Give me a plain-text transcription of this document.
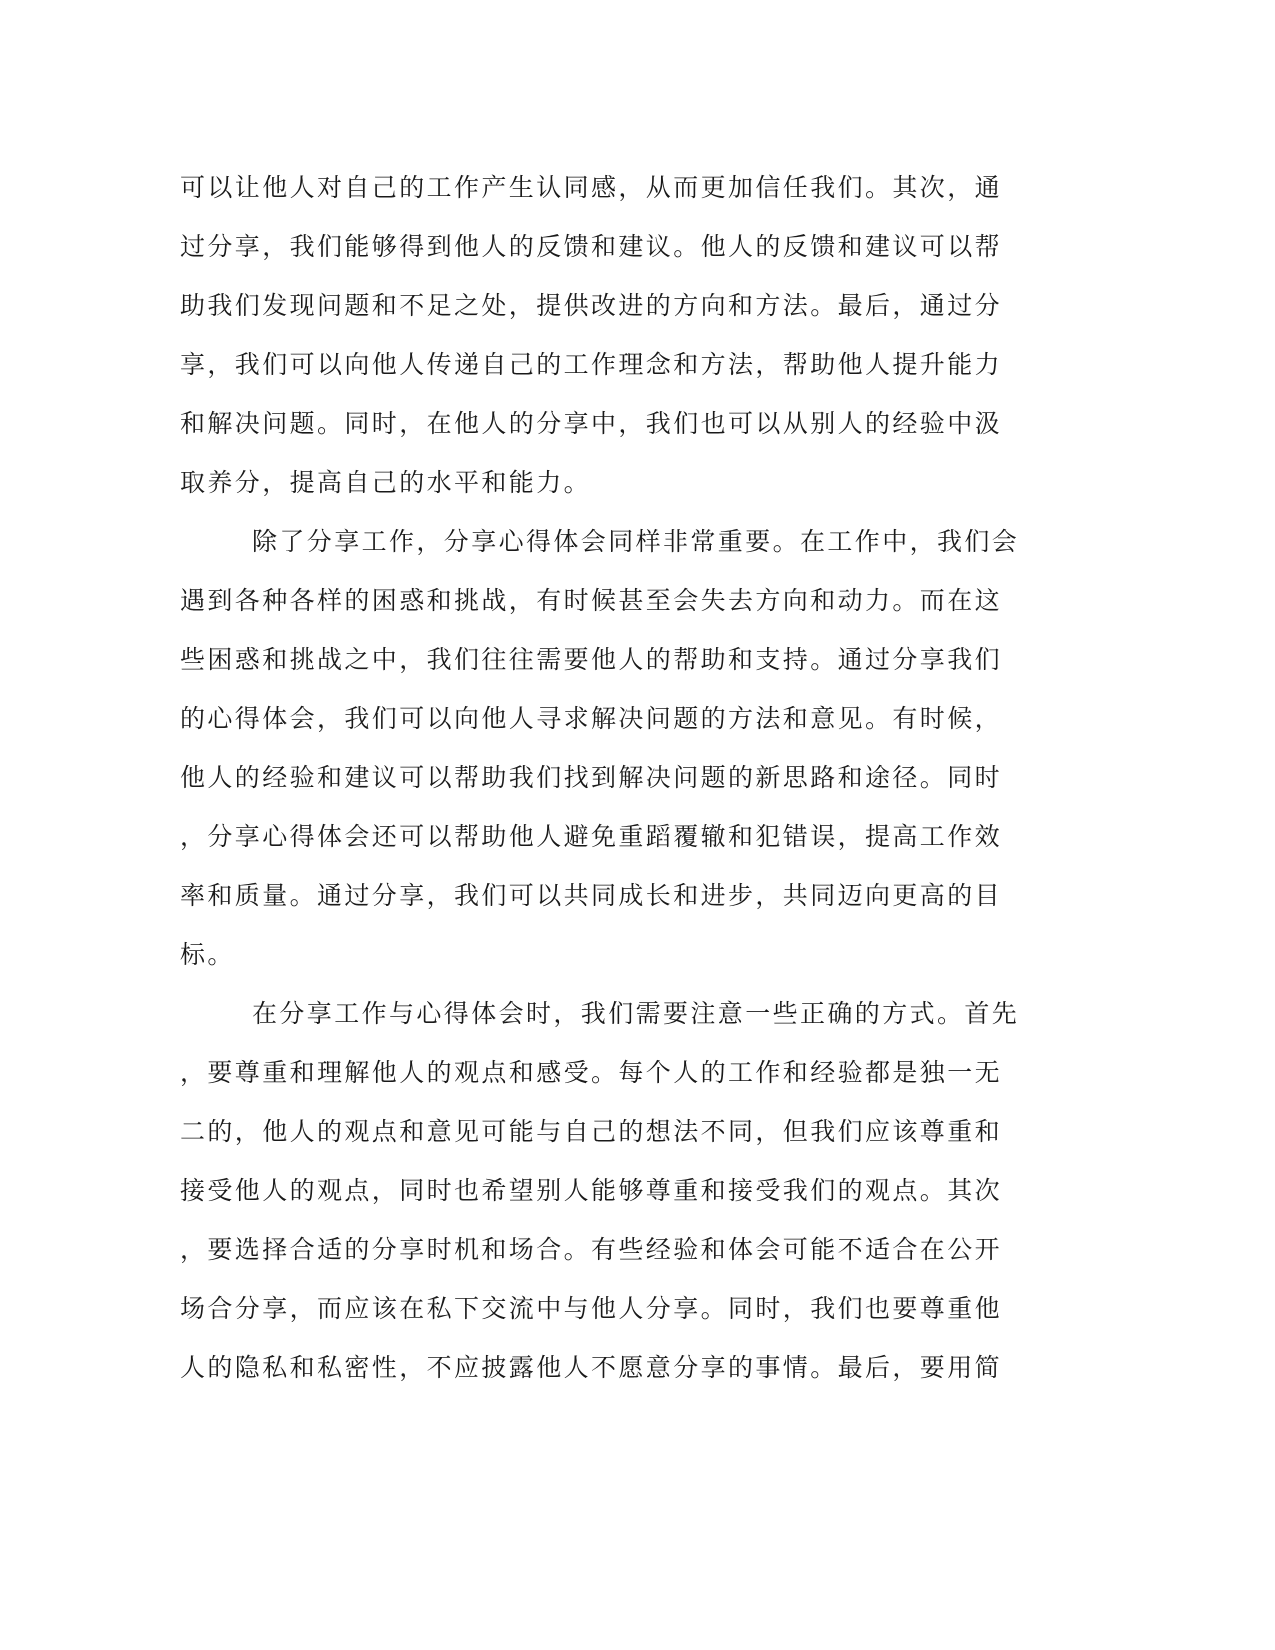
可以让他人对自己的工作产生认同感，从而更加信任我们。其次，通
过分享，我们能够得到他人的反馈和建议。他人的反馈和建议可以帮
助我们发现问题和不足之处，提供改进的方向和方法。最后，通过分
享，我们可以向他人传递自己的工作理念和方法，帮助他人提升能力
和解决问题。同时，在他人的分享中，我们也可以从别人的经验中汲
取养分，提高自己的水平和能力。
除了分享工作，分享心得体会同样非常重要。在工作中，我们会
遇到各种各样的困惑和挑战，有时候甚至会失去方向和动力。而在这
些困惑和挑战之中，我们往往需要他人的帮助和支持。通过分享我们
的心得体会，我们可以向他人寻求解决问题的方法和意见。有时候，
他人的经验和建议可以帮助我们找到解决问题的新思路和途径。同时
，分享心得体会还可以帮助他人避免重蹈覆辙和犯错误，提高工作效
率和质量。通过分享，我们可以共同成长和进步，共同迈向更高的目
标。
在分享工作与心得体会时，我们需要注意一些正确的方式。首先
，要尊重和理解他人的观点和感受。每个人的工作和经验都是独一无
二的，他人的观点和意见可能与自己的想法不同，但我们应该尊重和
接受他人的观点，同时也希望别人能够尊重和接受我们的观点。其次
，要选择合适的分享时机和场合。有些经验和体会可能不适合在公开
场合分享，而应该在私下交流中与他人分享。同时，我们也要尊重他
人的隐私和私密性，不应披露他人不愿意分享的事情。最后，要用简
